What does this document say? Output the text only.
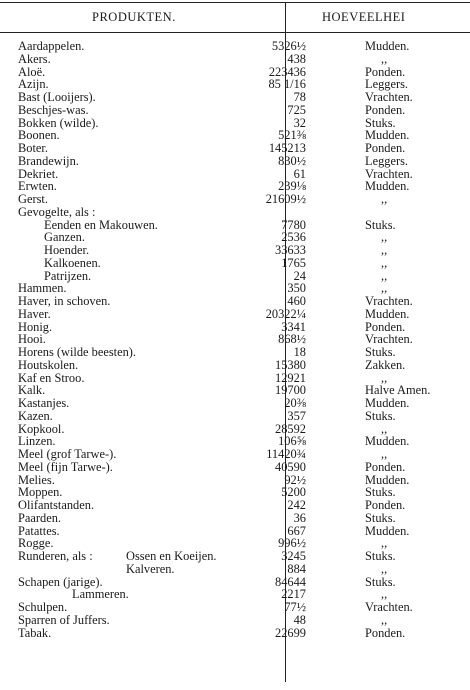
PRODUKTEN.	HOEVEELHEI
Aardappelen.	5326½	Mudden.
Akers.	438	,,
Aloë.	223436	Ponden.
Azijn.	85 1/16	Leggers.
Bast (Looijers).	78	Vrachten.
Beschjes-was.	725	Ponden.
Bokken (wilde).	32	Stuks.
Boonen.	521⅜	Mudden.
Boter.	145213	Ponden.
Brandewijn.	830½	Leggers.
Dekriet.	61	Vrachten.
Erwten.	239⅛	Mudden.
Gerst.	21609½	,,
Gevogelte, als :
Eenden en Makouwen.	7780	Stuks.
Ganzen.	2536	,,
Hoender.	33633	,,
Kalkoenen.	1765	,,
Patrijzen.	24	,,
Hammen.	350	,,
Haver, in schoven.	460	Vrachten.
Haver.	20322¼	Mudden.
Honig.	3341	Ponden.
Hooi.	868½	Vrachten.
Horens (wilde beesten).	18	Stuks.
Houtskolen.	15380	Zakken.
Kaf en Stroo.	12921	,,
Kalk.	19700	Halve Amen.
Kastanjes.	20⅜	Mudden.
Kazen.	357	Stuks.
Kopkool.	28592	,,
Linzen.	106⅝	Mudden.
Meel (grof Tarwe-).	11420¾	,,
Meel (fijn Tarwe-).	40590	Ponden.
Melies.	92½	Mudden.
Moppen.	5200	Stuks.
Olifantstanden.	242	Ponden.
Paarden.	36	Stuks.
Patattes.	667	Mudden.
Rogge.	996½	,,
Runderen, als :	Ossen en Koeijen.	3245	Stuks.
Kalveren.	884	,,
Schapen (jarige).	84644	Stuks.
Lammeren.	2217	,,
Schulpen.	77½	Vrachten.
Sparren of Juffers.	48	,,
Tabak.	22699	Ponden.
